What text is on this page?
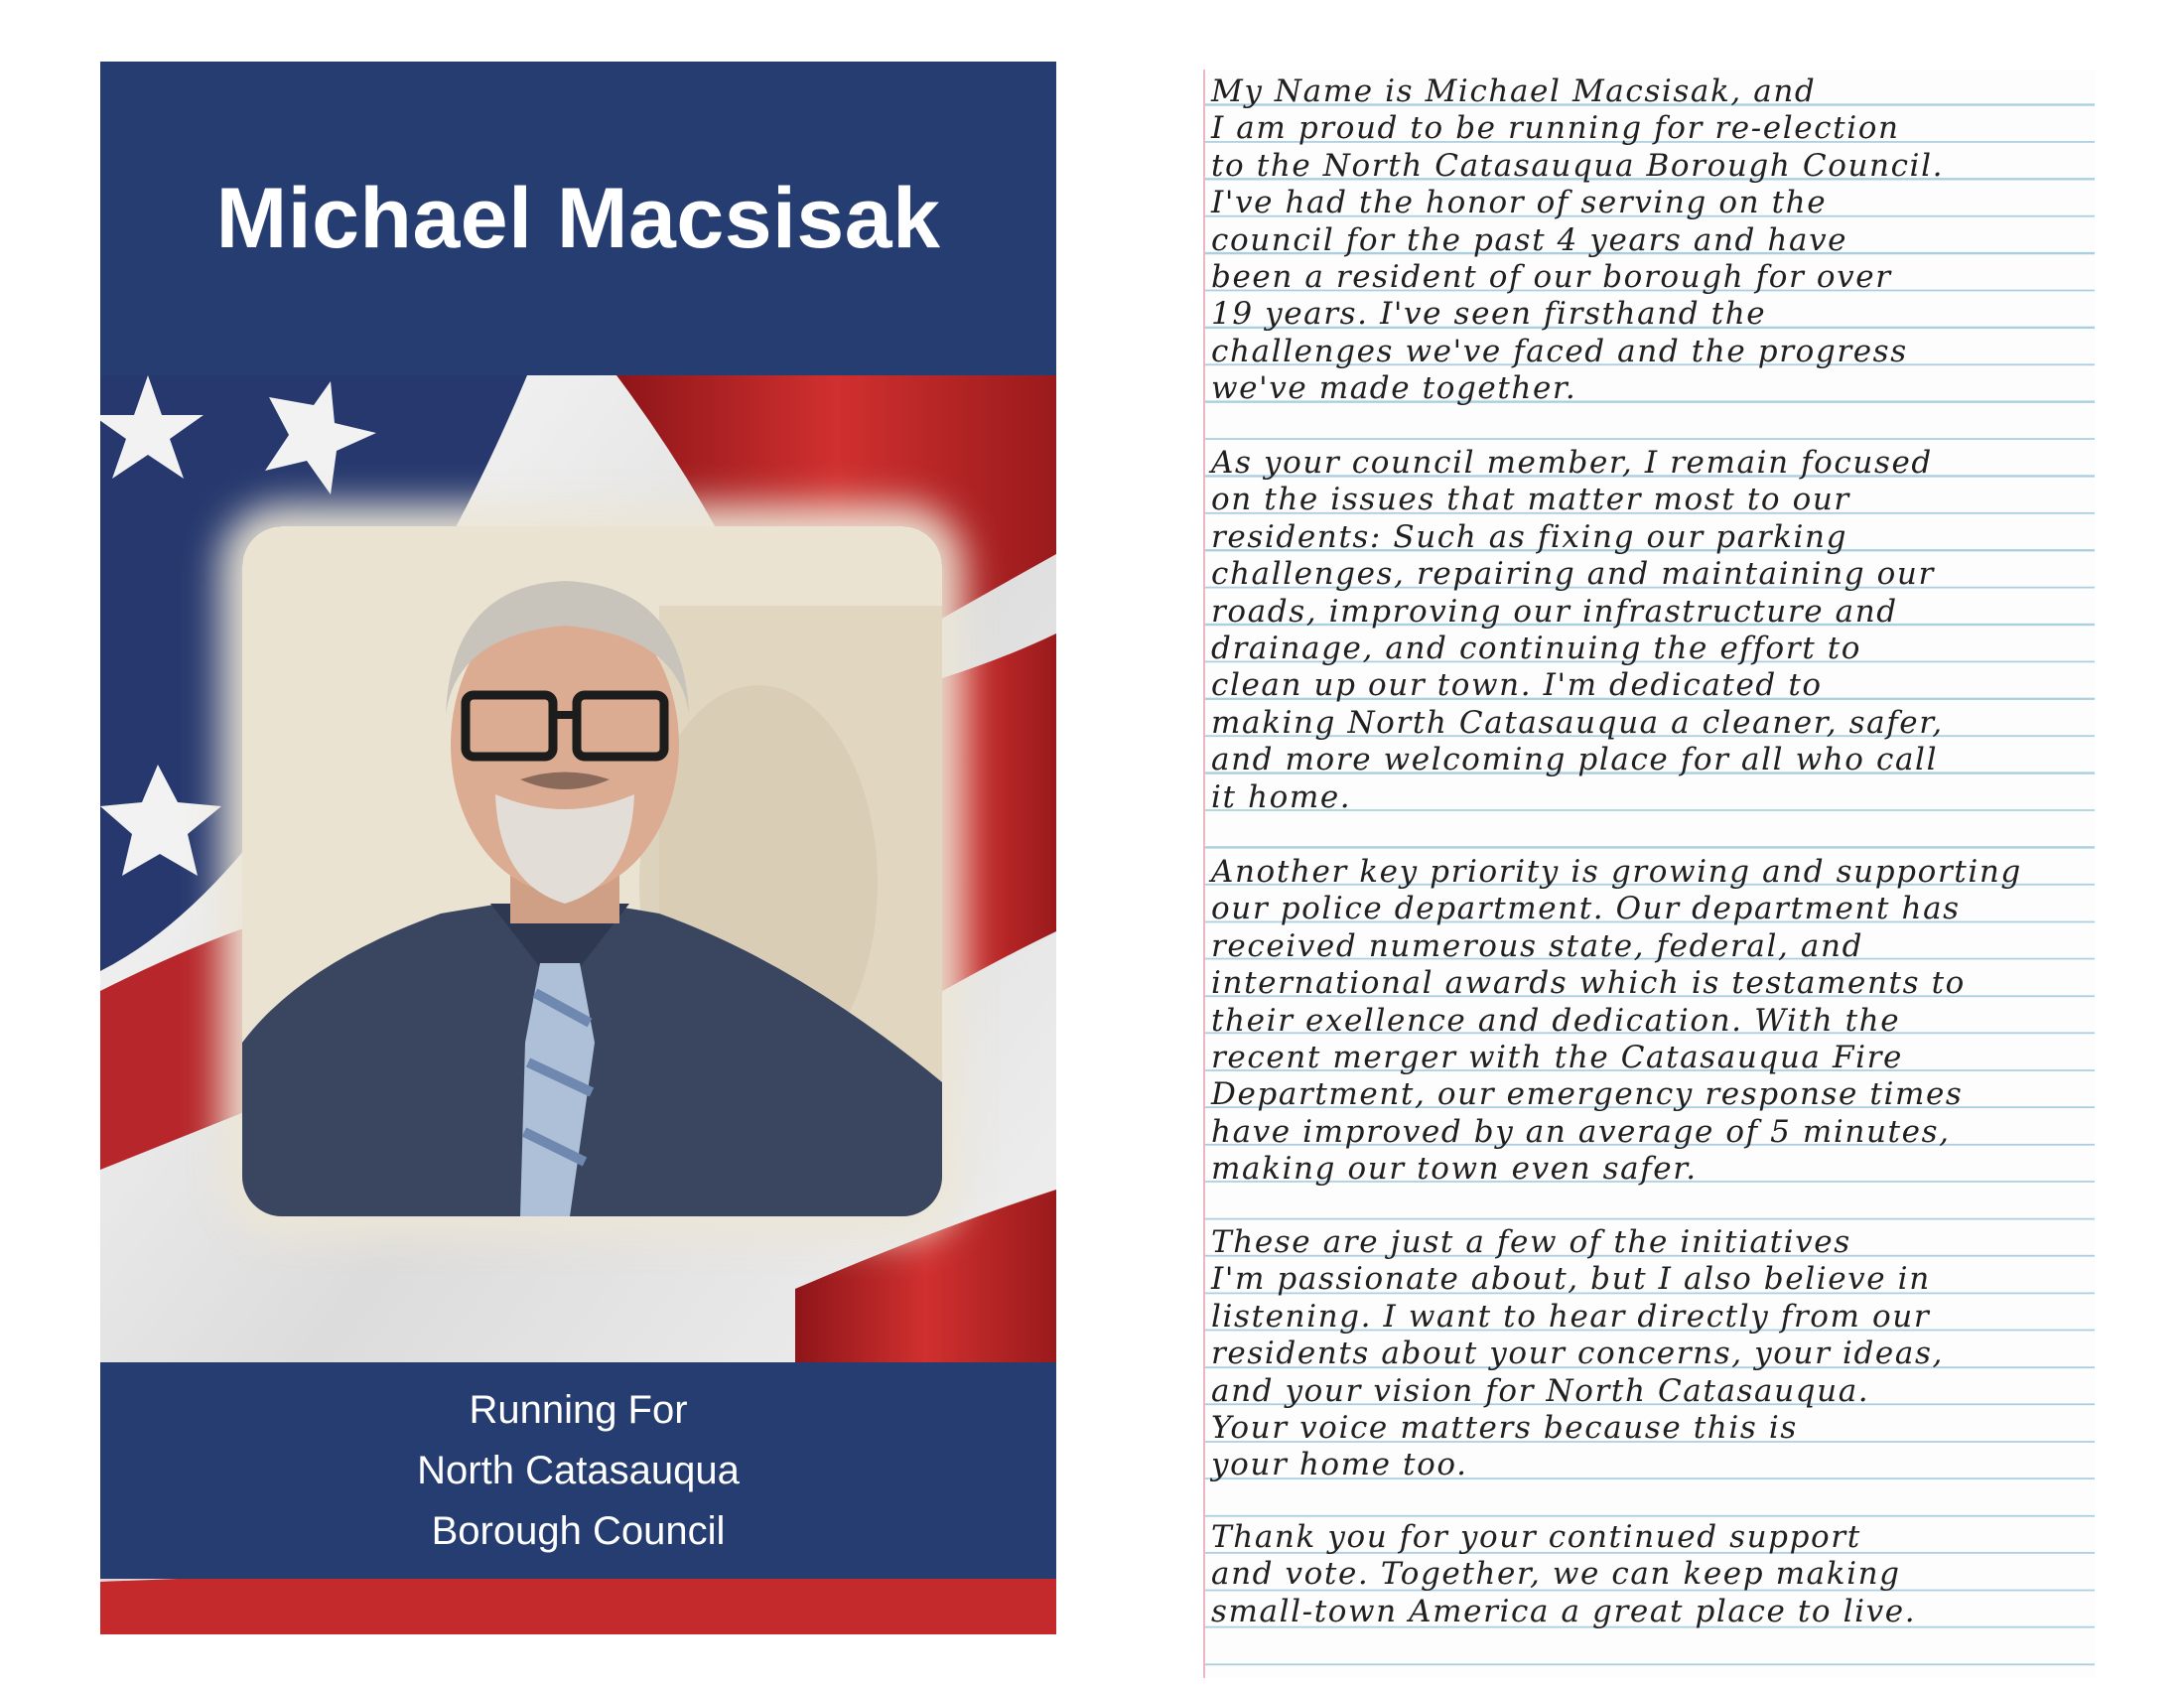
Michael Macsisak
Running For
North Catasauqua
Borough Council
My Name is Michael Macsisak, and
I am proud to be running for re-election
to the North Catasauqua Borough Council.
I've had the honor of serving on the
council for the past 4 years and have
been a resident of our borough for over
19 years. I've seen firsthand the
challenges we've faced and the progress
we've made together.
As your council member, I remain focused
on the issues that matter most to our
residents: Such as fixing our parking
challenges, repairing and maintaining our
roads, improving our infrastructure and
drainage, and continuing the effort to
clean up our town. I'm dedicated to
making North Catasauqua a cleaner, safer,
and more welcoming place for all who call
it home.
Another key priority is growing and supporting
our police department. Our department has
received numerous state, federal, and
international awards which is testaments to
their exellence and dedication. With the
recent merger with the Catasauqua Fire
Department, our emergency response times
have improved by an average of 5 minutes,
making our town even safer.
These are just a few of the initiatives
I'm passionate about, but I also believe in
listening. I want to hear directly from our
residents about your concerns, your ideas,
and your vision for North Catasauqua.
Your voice matters because this is
your home too.
Thank you for your continued support
and vote. Together, we can keep making
small-town America a great place to live.
